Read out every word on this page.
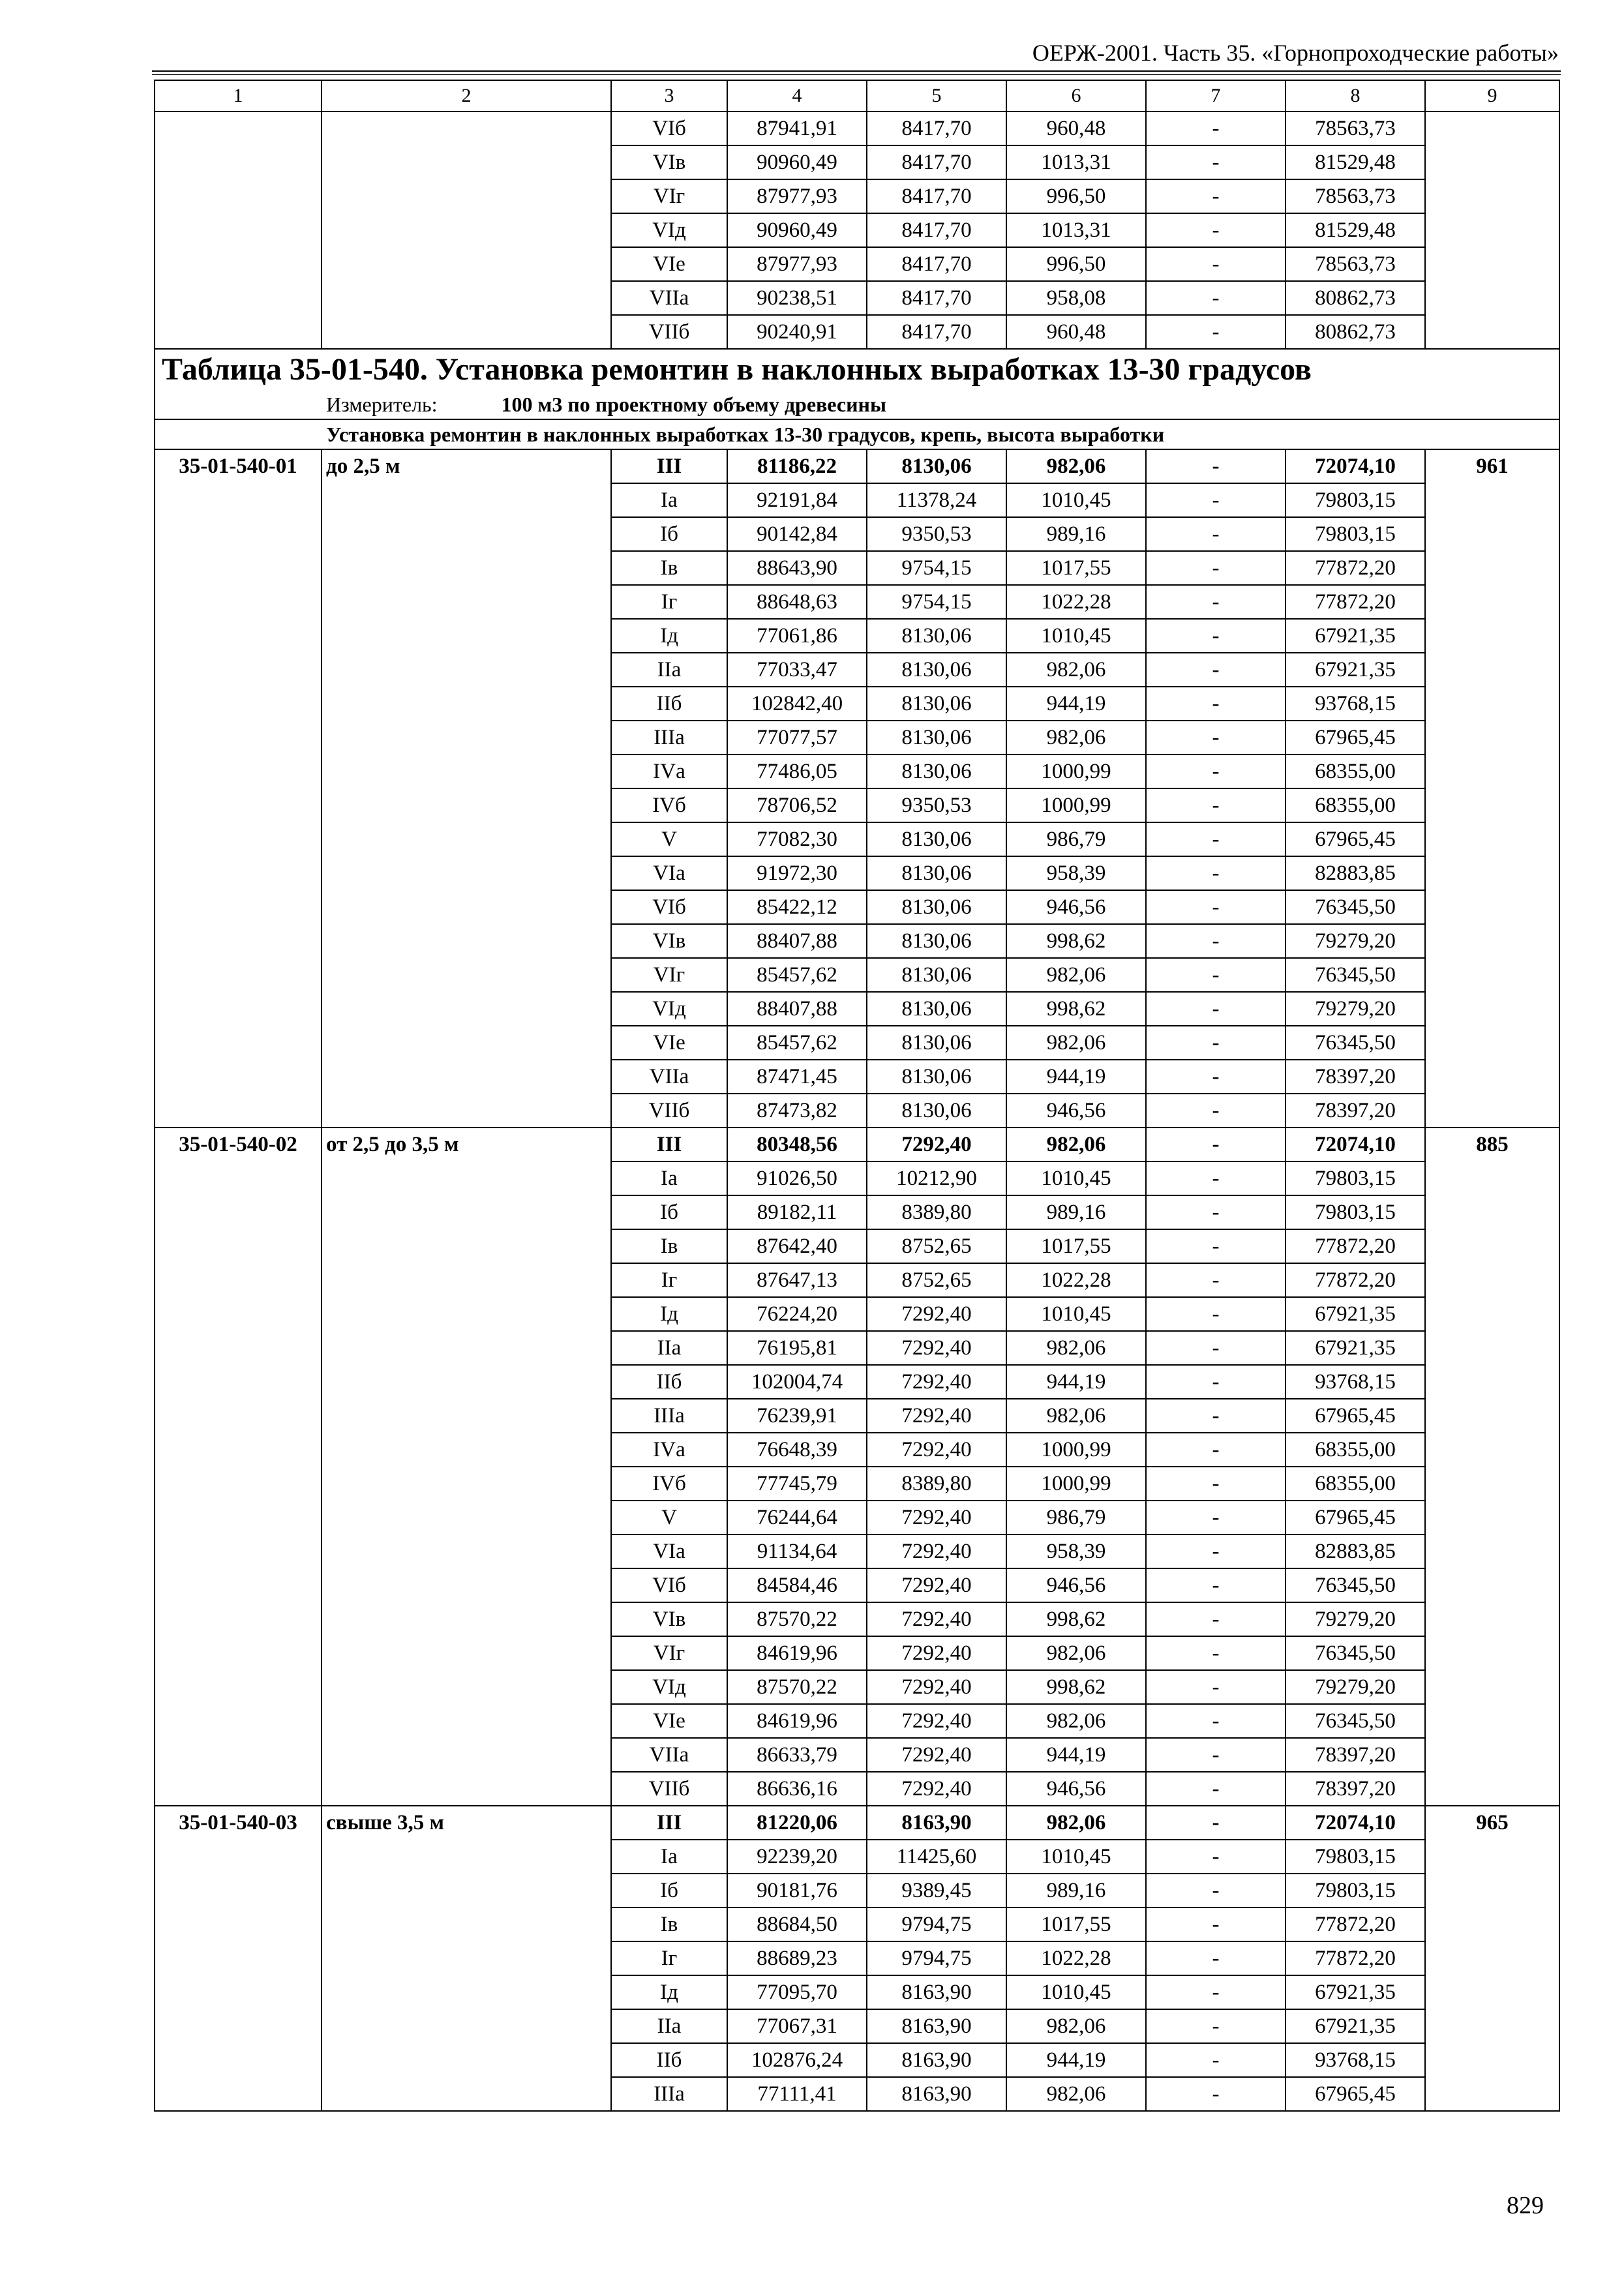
ОЕРЖ-2001. Часть 35. «Горнопроходческие работы»
1	2	3	4	5	6	7	8	9
		VIб	87941,91	8417,70	960,48	-	78563,73	
		VIв	90960,49	8417,70	1013,31	-	81529,48	
		VIг	87977,93	8417,70	996,50	-	78563,73	
		VIд	90960,49	8417,70	1013,31	-	81529,48	
		VIе	87977,93	8417,70	996,50	-	78563,73	
		VIIа	90238,51	8417,70	958,08	-	80862,73	
		VIIб	90240,91	8417,70	960,48	-	80862,73	
Таблица 35-01-540. Установка ремонтин в наклонных выработках 13-30 градусов								
Измеритель: 100 м3 по проектному объему древесины								
Установка ремонтин в наклонных выработках 13-30 градусов, крепь, высота выработки								
35-01-540-01	до 2,5 м	III	81186,22	8130,06	982,06	-	72074,10	961
		Iа	92191,84	11378,24	1010,45	-	79803,15	
		Iб	90142,84	9350,53	989,16	-	79803,15	
		Iв	88643,90	9754,15	1017,55	-	77872,20	
		Iг	88648,63	9754,15	1022,28	-	77872,20	
		Iд	77061,86	8130,06	1010,45	-	67921,35	
		IIа	77033,47	8130,06	982,06	-	67921,35	
		IIб	102842,40	8130,06	944,19	-	93768,15	
		IIIа	77077,57	8130,06	982,06	-	67965,45	
		IVа	77486,05	8130,06	1000,99	-	68355,00	
		IVб	78706,52	9350,53	1000,99	-	68355,00	
		V	77082,30	8130,06	986,79	-	67965,45	
		VIа	91972,30	8130,06	958,39	-	82883,85	
		VIб	85422,12	8130,06	946,56	-	76345,50	
		VIв	88407,88	8130,06	998,62	-	79279,20	
		VIг	85457,62	8130,06	982,06	-	76345,50	
		VIд	88407,88	8130,06	998,62	-	79279,20	
		VIе	85457,62	8130,06	982,06	-	76345,50	
		VIIа	87471,45	8130,06	944,19	-	78397,20	
		VIIб	87473,82	8130,06	946,56	-	78397,20	
35-01-540-02	от 2,5 до 3,5 м	III	80348,56	7292,40	982,06	-	72074,10	885
		Iа	91026,50	10212,90	1010,45	-	79803,15	
		Iб	89182,11	8389,80	989,16	-	79803,15	
		Iв	87642,40	8752,65	1017,55	-	77872,20	
		Iг	87647,13	8752,65	1022,28	-	77872,20	
		Iд	76224,20	7292,40	1010,45	-	67921,35	
		IIа	76195,81	7292,40	982,06	-	67921,35	
		IIб	102004,74	7292,40	944,19	-	93768,15	
		IIIа	76239,91	7292,40	982,06	-	67965,45	
		IVа	76648,39	7292,40	1000,99	-	68355,00	
		IVб	77745,79	8389,80	1000,99	-	68355,00	
		V	76244,64	7292,40	986,79	-	67965,45	
		VIа	91134,64	7292,40	958,39	-	82883,85	
		VIб	84584,46	7292,40	946,56	-	76345,50	
		VIв	87570,22	7292,40	998,62	-	79279,20	
		VIг	84619,96	7292,40	982,06	-	76345,50	
		VIд	87570,22	7292,40	998,62	-	79279,20	
		VIе	84619,96	7292,40	982,06	-	76345,50	
		VIIа	86633,79	7292,40	944,19	-	78397,20	
		VIIб	86636,16	7292,40	946,56	-	78397,20	
35-01-540-03	свыше 3,5 м	III	81220,06	8163,90	982,06	-	72074,10	965
		Iа	92239,20	11425,60	1010,45	-	79803,15	
		Iб	90181,76	9389,45	989,16	-	79803,15	
		Iв	88684,50	9794,75	1017,55	-	77872,20	
		Iг	88689,23	9794,75	1022,28	-	77872,20	
		Iд	77095,70	8163,90	1010,45	-	67921,35	
		IIа	77067,31	8163,90	982,06	-	67921,35	
		IIб	102876,24	8163,90	944,19	-	93768,15	
		IIIа	77111,41	8163,90	982,06	-	67965,45	
829
